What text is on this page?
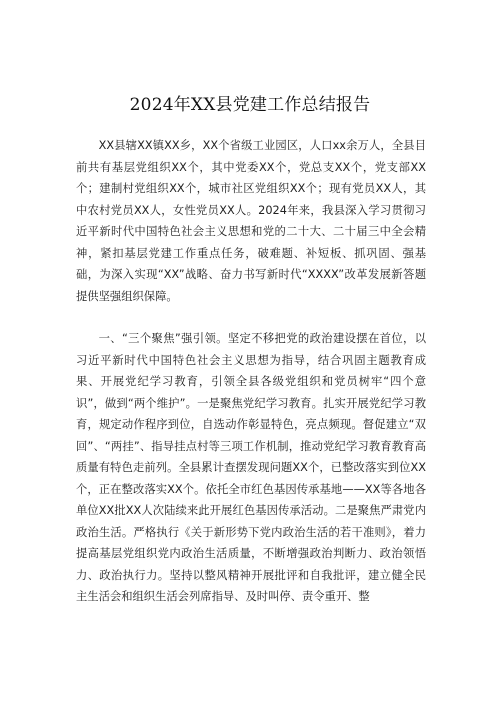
2024年XX县党建工作总结报告

XX县辖XX镇XX乡，XX个省级工业园区，人口xx余万人，全县目前共有基层党组织XX个，其中党委XX个，党总支XX个，党支部XX个；建制村党组织XX个，城市社区党组织XX个；现有党员XX人，其中农村党员XX人，女性党员XX人。2024年来，我县深入学习贯彻习近平新时代中国特色社会主义思想和党的二十大、二十届三中全会精神，紧扣基层党建工作重点任务，破难题、补短板、抓巩固、强基础，为深入实现“XX”战略、奋力书写新时代“XXXX”改革发展新答题提供坚强组织保障。

一、“三个聚焦”强引领。坚定不移把党的政治建设摆在首位，以习近平新时代中国特色社会主义思想为指导，结合巩固主题教育成果、开展党纪学习教育，引领全县各级党组织和党员树牢“四个意识”，做到“两个维护”。一是聚焦党纪学习教育。扎实开展党纪学习教育，规定动作程序到位，自选动作彰显特色，亮点频现。督促建立“双回”、“两挂”、指导挂点村等三项工作机制，推动党纪学习教育教育高质量有特色走前列。全县累计查摆发现问题XX个，已整改落实到位XX个，正在整改落实XX个。依托全市红色基因传承基地——XX等各地各单位XX批XX人次陆续来此开展红色基因传承活动。二是聚焦严肃党内政治生活。严格执行《关于新形势下党内政治生活的若干准则》，着力提高基层党组织党内政治生活质量，不断增强政治判断力、政治领悟力、政治执行力。坚持以整风精神开展批评和自我批评，建立健全民主生活会和组织生活会列席指导、及时叫停、责令重开、整
